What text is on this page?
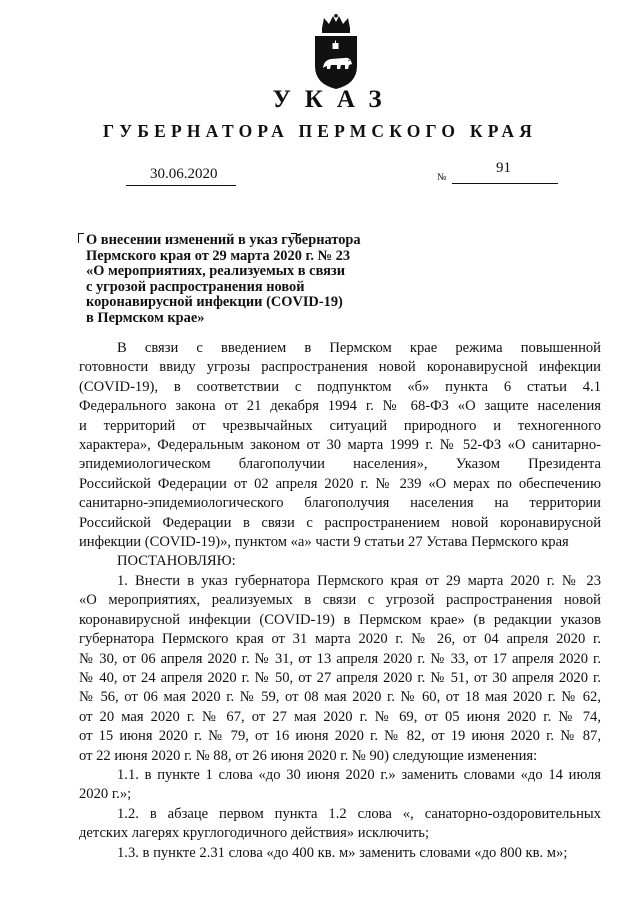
УКАЗ
ГУБЕРНАТОРА ПЕРМСКОГО КРАЯ
30.06.2020	№
91
О внесении изменений в указ губернатора
Пермского края от 29 марта 2020 г. № 23
«О мероприятиях, реализуемых в связи
с угрозой распространения новой
коронавирусной инфекции (COVID-19)
в Пермском крае»
В связи с введением в Пермском крае режима повышенной
готовности ввиду угрозы распространения новой коронавирусной инфекции
(COVID-19), в соответствии с подпунктом «б» пункта 6 статьи 4.1
Федерального закона от 21 декабря 1994 г. № 68-ФЗ «О защите населения
и территорий от чрезвычайных ситуаций природного и техногенного
характера», Федеральным законом от 30 марта 1999 г. № 52-ФЗ «О санитарно-
эпидемиологическом благополучии населения», Указом Президента
Российской Федерации от 02 апреля 2020 г. № 239 «О мерах по обеспечению
санитарно-эпидемиологического благополучия населения на территории
Российской Федерации в связи с распространением новой коронавирусной
инфекции (COVID-19)», пунктом «а» части 9 статьи 27 Устава Пермского края
ПОСТАНОВЛЯЮ:
1. Внести в указ губернатора Пермского края от 29 марта 2020 г. № 23
«О мероприятиях, реализуемых в связи с угрозой распространения новой
коронавирусной инфекции (COVID-19) в Пермском крае» (в редакции указов
губернатора Пермского края от 31 марта 2020 г. № 26, от 04 апреля 2020 г.
№ 30, от 06 апреля 2020 г. № 31, от 13 апреля 2020 г. № 33, от 17 апреля 2020 г.
№ 40, от 24 апреля 2020 г. № 50, от 27 апреля 2020 г. № 51, от 30 апреля 2020 г.
№ 56, от 06 мая 2020 г. № 59, от 08 мая 2020 г. № 60, от 18 мая 2020 г. № 62,
от 20 мая 2020 г. № 67, от 27 мая 2020 г. № 69, от 05 июня 2020 г. № 74,
от 15 июня 2020 г. № 79, от 16 июня 2020 г. № 82, от 19 июня 2020 г. № 87,
от 22 июня 2020 г. № 88, от 26 июня 2020 г. № 90) следующие изменения:
1.1. в пункте 1 слова «до 30 июня 2020 г.» заменить словами «до 14 июля
2020 г.»;
1.2. в абзаце первом пункта 1.2 слова «, санаторно-оздоровительных
детских лагерях круглогодичного действия» исключить;
1.3. в пункте 2.31 слова «до 400 кв. м» заменить словами «до 800 кв. м»;
